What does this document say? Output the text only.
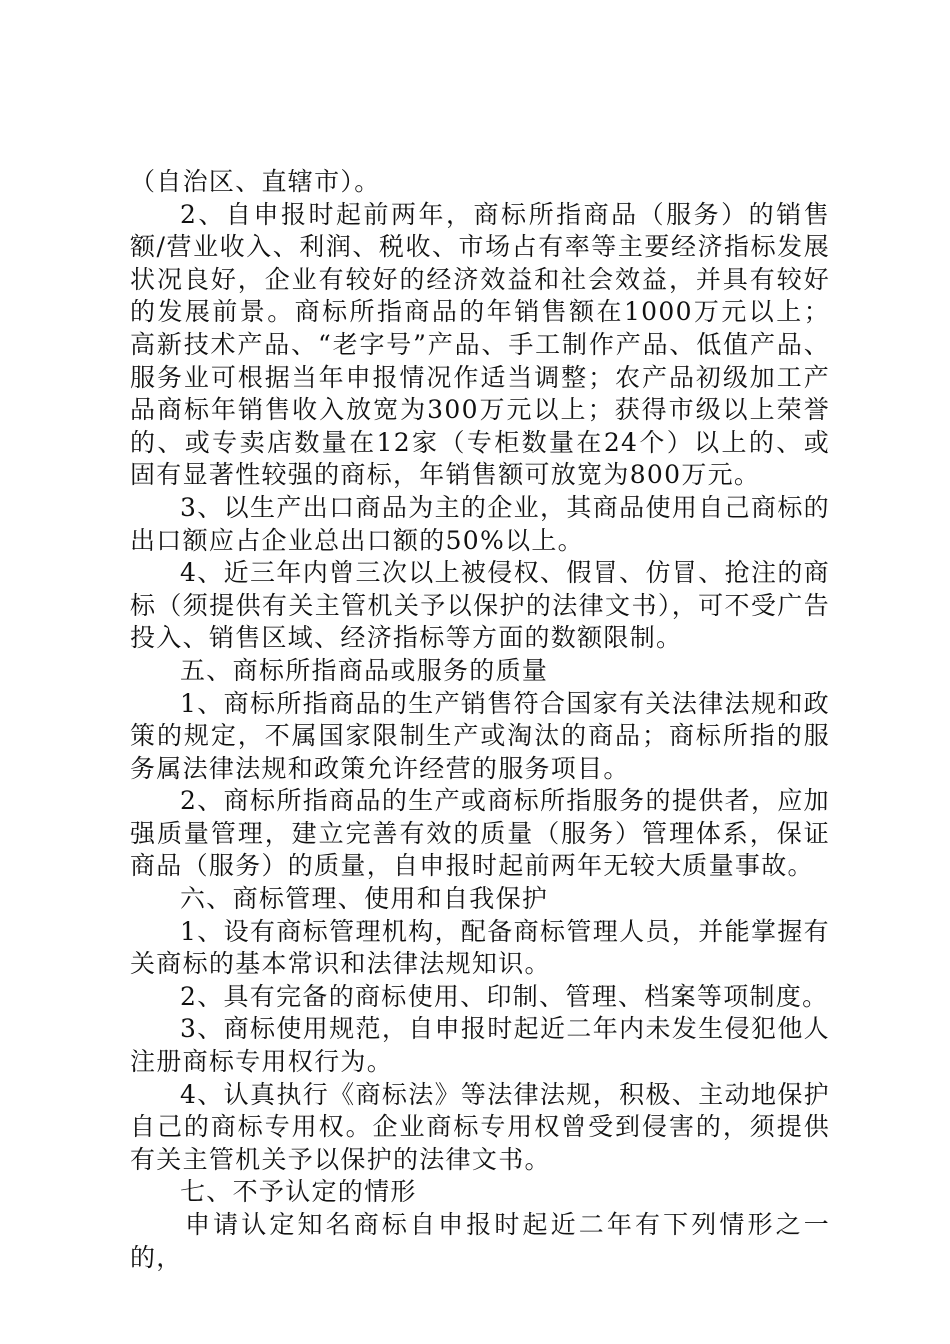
（自治区、直辖市）。

2、自申报时起前两年，商标所指商品（服务）的销售额/营业收入、利润、税收、市场占有率等主要经济指标发展状况良好，企业有较好的经济效益和社会效益，并具有较好的发展前景。商标所指商品的年销售额在1000万元以上；高新技术产品、“老字号”产品、手工制作产品、低值产品、服务业可根据当年申报情况作适当调整；农产品初级加工产品商标年销售收入放宽为300万元以上；获得市级以上荣誉的、或专卖店数量在12家（专柜数量在24个）以上的、或固有显著性较强的商标，年销售额可放宽为800万元。

3、以生产出口商品为主的企业，其商品使用自己商标的出口额应占企业总出口额的50%以上。

4、近三年内曾三次以上被侵权、假冒、仿冒、抢注的商标（须提供有关主管机关予以保护的法律文书），可不受广告投入、销售区域、经济指标等方面的数额限制。

五、商标所指商品或服务的质量

1、商标所指商品的生产销售符合国家有关法律法规和政策的规定，不属国家限制生产或淘汰的商品；商标所指的服务属法律法规和政策允许经营的服务项目。

2、商标所指商品的生产或商标所指服务的提供者，应加强质量管理，建立完善有效的质量（服务）管理体系，保证商品（服务）的质量，自申报时起前两年无较大质量事故。

六、商标管理、使用和自我保护

1、设有商标管理机构，配备商标管理人员，并能掌握有关商标的基本常识和法律法规知识。

2、具有完备的商标使用、印制、管理、档案等项制度。

3、商标使用规范，自申报时起近二年内未发生侵犯他人注册商标专用权行为。

4、认真执行《商标法》等法律法规，积极、主动地保护自己的商标专用权。企业商标专用权曾受到侵害的，须提供有关主管机关予以保护的法律文书。

七、不予认定的情形

申请认定知名商标自申报时起近二年有下列情形之一的，
